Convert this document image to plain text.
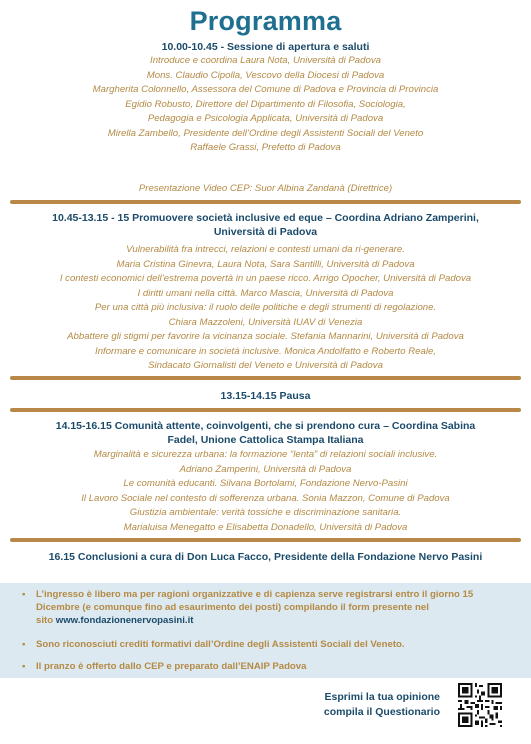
Programma
10.00-10.45 - Sessione di apertura e saluti
Introduce e coordina Laura Nota, Università di Padova
Mons. Claudio Cipolla, Vescovo della Diocesi di Padova
Margherita Colonnello, Assessora del Comune di Padova e Provincia di Provincia
Egidio Robusto, Direttore del Dipartimento di Filosofia, Sociologia,
Pedagogia e Psicologia Applicata, Università di Padova
Mirella Zambello, Presidente dell’Ordine degli Assistenti Sociali del Veneto
Raffaele Grassi, Prefetto di Padova
Presentazione Video CEP: Suor Albina Zandanà (Direttrice)
10.45-13.15 - 15 Promuovere società inclusive ed eque – Coordina Adriano Zamperini,
Università di Padova
Vulnerabilità fra intrecci, relazioni e contesti umani da ri-generare.
Maria Cristina Ginevra, Laura Nota, Sara Santilli, Università di Padova
I contesti economici dell’estrema povertà in un paese ricco. Arrigo Opocher, Università di Padova
I diritti umani nella città. Marco Mascia, Università di Padova
Per una città più inclusiva: il ruolo delle politiche e degli strumenti di regolazione.
Chiara Mazzoleni, Università IUAV di Venezia
Abbattere gli stigmi per favorire la vicinanza sociale. Stefania Mannarini, Università di Padova
Informare e comunicare in società inclusive. Monica Andolfatto e Roberto Reale,
Sindacato Giornalisti del Veneto e Università di Padova
13.15-14.15 Pausa
14.15-16.15 Comunità attente, coinvolgenti, che si prendono cura – Coordina Sabina
Fadel, Unione Cattolica Stampa Italiana
Marginalità e sicurezza urbana: la formazione “lenta” di relazioni sociali inclusive.
Adriano Zamperini, Università di Padova
Le comunità educanti. Silvana Bortolami, Fondazione Nervo-Pasini
Il Lavoro Sociale nel contesto di sofferenza urbana. Sonia Mazzon, Comune di Padova
Giustizia ambientale: verità tossiche e discriminazione sanitaria.
Marialuisa Menegatto e Elisabetta Donadello, Università di Padova
16.15 Conclusioni a cura di Don Luca Facco, Presidente della Fondazione Nervo Pasini
• L’ingresso è libero ma per ragioni organizzative e di capienza serve registrarsi entro il giorno 15
Dicembre (e comunque fino ad esaurimento dei posti) compilando il form presente nel
sito www.fondazionenervopasini.it
• Sono riconosciuti crediti formativi dall’Ordine degli Assistenti Sociali del Veneto.
• Il pranzo è offerto dallo CEP e preparato dall’ENAIP Padova
Esprimi la tua opinione
compila il Questionario
